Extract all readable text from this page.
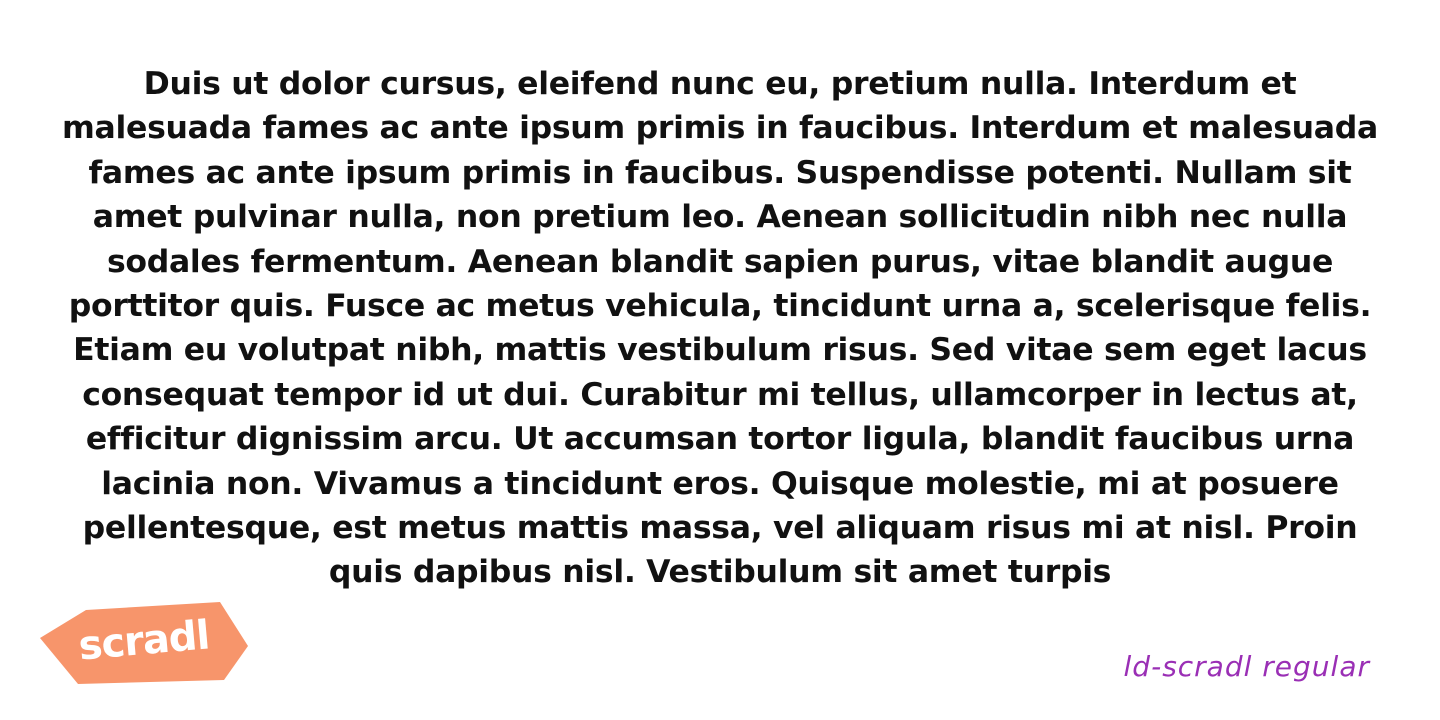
Duis ut dolor cursus, eleifend nunc eu, pretium nulla. Interdum et malesuada fames ac ante ipsum primis in faucibus. Interdum et malesuada fames ac ante ipsum primis in faucibus. Suspendisse potenti. Nullam sit amet pulvinar nulla, non pretium leo. Aenean sollicitudin nibh nec nulla sodales fermentum. Aenean blandit sapien purus, vitae blandit augue porttitor quis. Fusce ac metus vehicula, tincidunt urna a, scelerisque felis. Etiam eu volutpat nibh, mattis vestibulum risus. Sed vitae sem eget lacus consequat tempor id ut dui. Curabitur mi tellus, ullamcorper in lectus at, efficitur dignissim arcu. Ut accumsan tortor ligula, blandit faucibus urna lacinia non. Vivamus a tincidunt eros. Quisque molestie, mi at posuere pellentesque, est metus mattis massa, vel aliquam risus mi at nisl. Proin quis dapibus nisl. Vestibulum sit amet turpis

scradl	ld-scradl regular
